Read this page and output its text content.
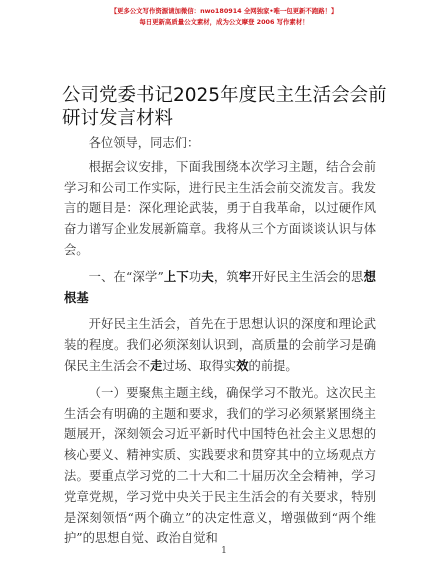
【更多公文写作资源请加微信：nwo180914 全网独家•唯一包更新不跑路！】
每日更新高质量公文素材，成为公文摩登 2006 写作素材！
公司党委书记2025年度民主生活会会前研讨发言材料

各位领导，同志们：

根据会议安排，下面我围绕本次学习主题，结合会前学习和公司工作实际，进行民主生活会前交流发言。我发言的题目是：深化理论武装，勇于自我革命，以过硬作风奋力谱写企业发展新篇章。我将从三个方面谈谈认识与体会。

一、在“深学”上下功夫，筑牢开好民主生活会的思想根基

开好民主生活会，首先在于思想认识的深度和理论武装的程度。我们必须深刻认识到，高质量的会前学习是确保民主生活会不走过场、取得实效的前提。

（一）要聚焦主题主线，确保学习不散光。这次民主生活会有明确的主题和要求，我们的学习必须紧紧围绕主题展开，深刻领会习近平新时代中国特色社会主义思想的核心要义、精神实质、实践要求和贯穿其中的立场观点方法。要重点学习党的二十大和二十届历次全会精神，学习党章党规，学习党中央关于民主生活会的有关要求，特别是深刻领悟“两个确立”的决定性意义，增强做到“两个维护”的思想自觉、政治自觉和

1
